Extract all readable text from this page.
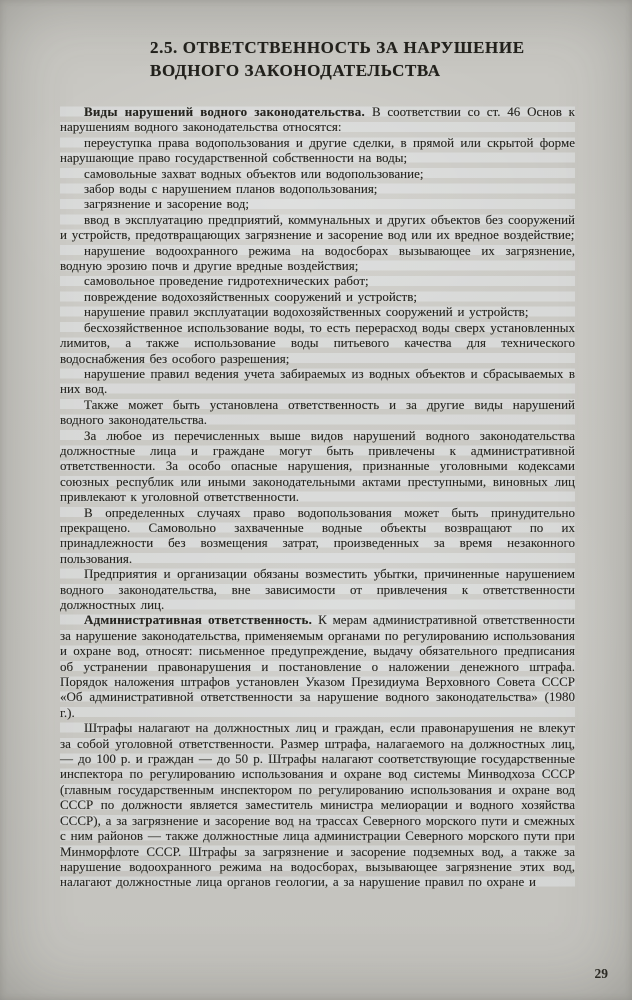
2.5. ОТВЕТСТВЕННОСТЬ ЗА НАРУШЕНИЕ
ВОДНОГО ЗАКОНОДАТЕЛЬСТВА

Виды нарушений водного законодательства. В соответствии со ст. 46 Основ к нарушениям водного законодательства относятся:

переуступка права водопользования и другие сделки, в прямой или скрытой форме нарушающие право государственной собственности на воды;

самовольные захват водных объектов или водопользование;

забор воды с нарушением планов водопользования;

загрязнение и засорение вод;

ввод в эксплуатацию предприятий, коммунальных и других объектов без сооружений и устройств, предотвращающих загрязнение и засорение вод или их вредное воздействие;

нарушение водоохранного режима на водосборах вызывающее их загрязнение, водную эрозию почв и другие вредные воздействия;

самовольное проведение гидротехнических работ;

повреждение водохозяйственных сооружений и устройств;

нарушение правил эксплуатации водохозяйственных сооружений и устройств;

бесхозяйственное использование воды, то есть перерасход воды сверх установленных лимитов, а также использование воды питьевого качества для технического водоснабжения без особого разрешения;

нарушение правил ведения учета забираемых из водных объектов и сбрасываемых в них вод.

Также может быть установлена ответственность и за другие виды нарушений водного законодательства.

За любое из перечисленных выше видов нарушений водного законодательства должностные лица и граждане могут быть привлечены к административной ответственности. За особо опасные нарушения, признанные уголовными кодексами союзных республик или иными законодательными актами преступными, виновных лиц привлекают к уголовной ответственности.

В определенных случаях право водопользования может быть принудительно прекращено. Самовольно захваченные водные объекты возвращают по их принадлежности без возмещения затрат, произведенных за время незаконного пользования.

Предприятия и организации обязаны возместить убытки, причиненные нарушением водного законодательства, вне зависимости от привлечения к ответственности должностных лиц.

Административная ответственность. К мерам административной ответственности за нарушение законодательства, применяемым органами по регулированию использования и охране вод, относят: письменное предупреждение, выдачу обязательного предписания об устранении правонарушения и постановление о наложении денежного штрафа. Порядок наложения штрафов установлен Указом Президиума Верховного Совета СССР «Об административной ответственности за нарушение водного законодательства» (1980 г.).

Штрафы налагают на должностных лиц и граждан, если правонарушения не влекут за собой уголовной ответственности. Размер штрафа, налагаемого на должностных лиц, — до 100 р. и граждан — до 50 р. Штрафы налагают соответствующие государственные инспектора по регулированию использования и охране вод системы Минводхоза СССР (главным государственным инспектором по регулированию использования и охране вод СССР по должности является заместитель министра мелиорации и водного хозяйства СССР), а за загрязнение и засорение вод на трассах Северного морского пути и смежных с ним районов — также должностные лица администрации Северного морского пути при Минморфлоте СССР. Штрафы за загрязнение и засорение подземных вод, а также за нарушение водоохранного режима на водосборах, вызывающее загрязнение этих вод, налагают должностные лица органов геологии, а за нарушение правил по охране и

29
